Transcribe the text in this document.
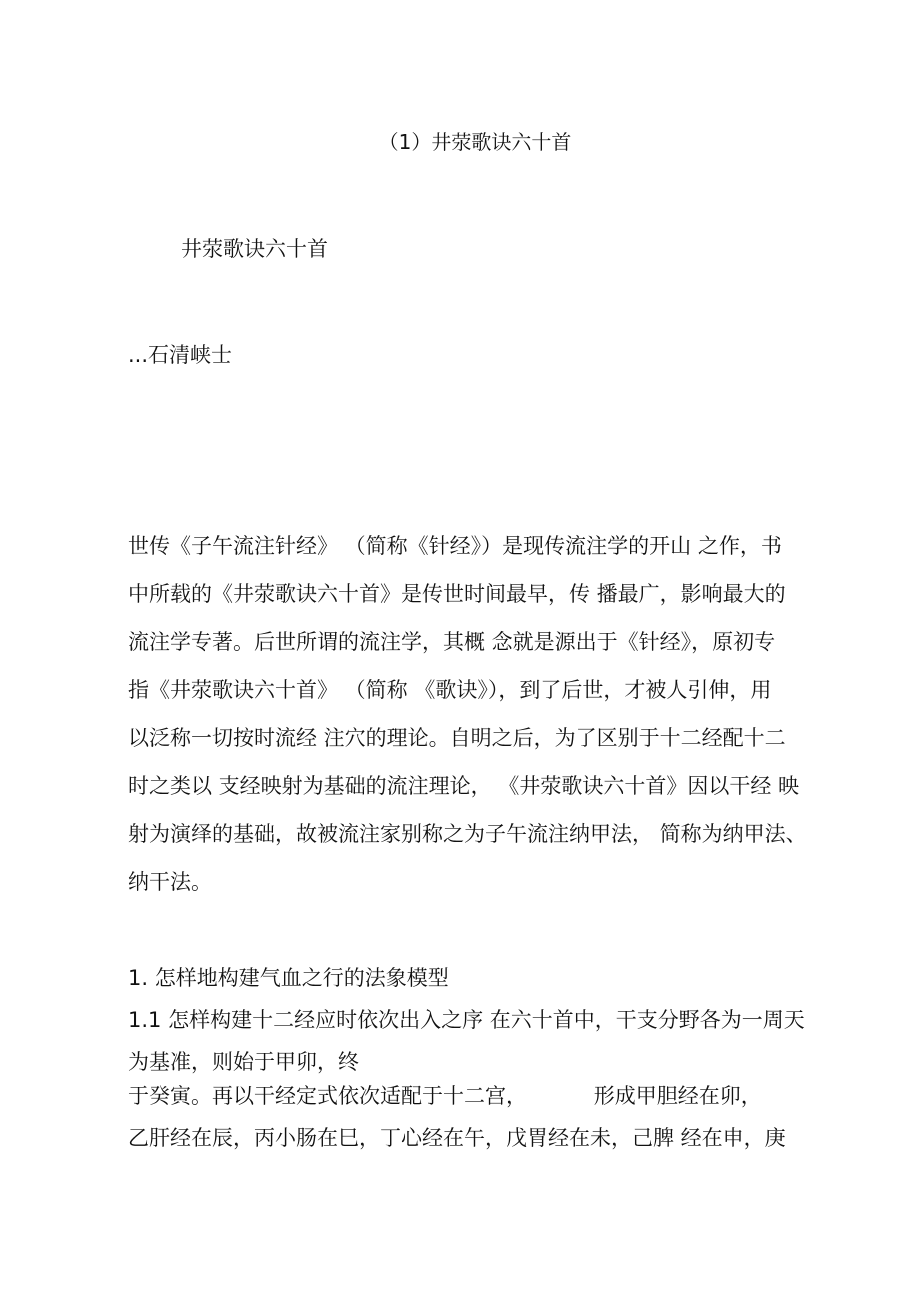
（1）井荥歌诀六十首
井荥歌诀六十首
...石清峡士
世传《子午流注针经》 （简称《针经》）是现传流注学的开山 之作，书
中所载的《井荥歌诀六十首》是传世时间最早，传 播最广，影响最大的
流注学专著。后世所谓的流注学，其概 念就是源出于《针经》，原初专
指《井荥歌诀六十首》 （简称 《歌诀》），到了后世，才被人引伸，用
以泛称一切按时流经 注穴的理论。自明之后，为了区别于十二经配十二
时之类以 支经映射为基础的流注理论， 《井荥歌诀六十首》因以干经 映
射为演绎的基础，故被流注家别称之为子午流注纳甲法， 简称为纳甲法、
纳干法。
1. 怎样地构建气血之行的法象模型
1.1 怎样构建十二经应时依次出入之序 在六十首中，干支分野各为一周天
为基准，则始于甲卯，终
于癸寅。再以干经定式依次适配于十二宫，          形成甲胆经在卯，
乙肝经在辰，丙小肠在巳，丁心经在午，戊胃经在未，己脾 经在申，庚
